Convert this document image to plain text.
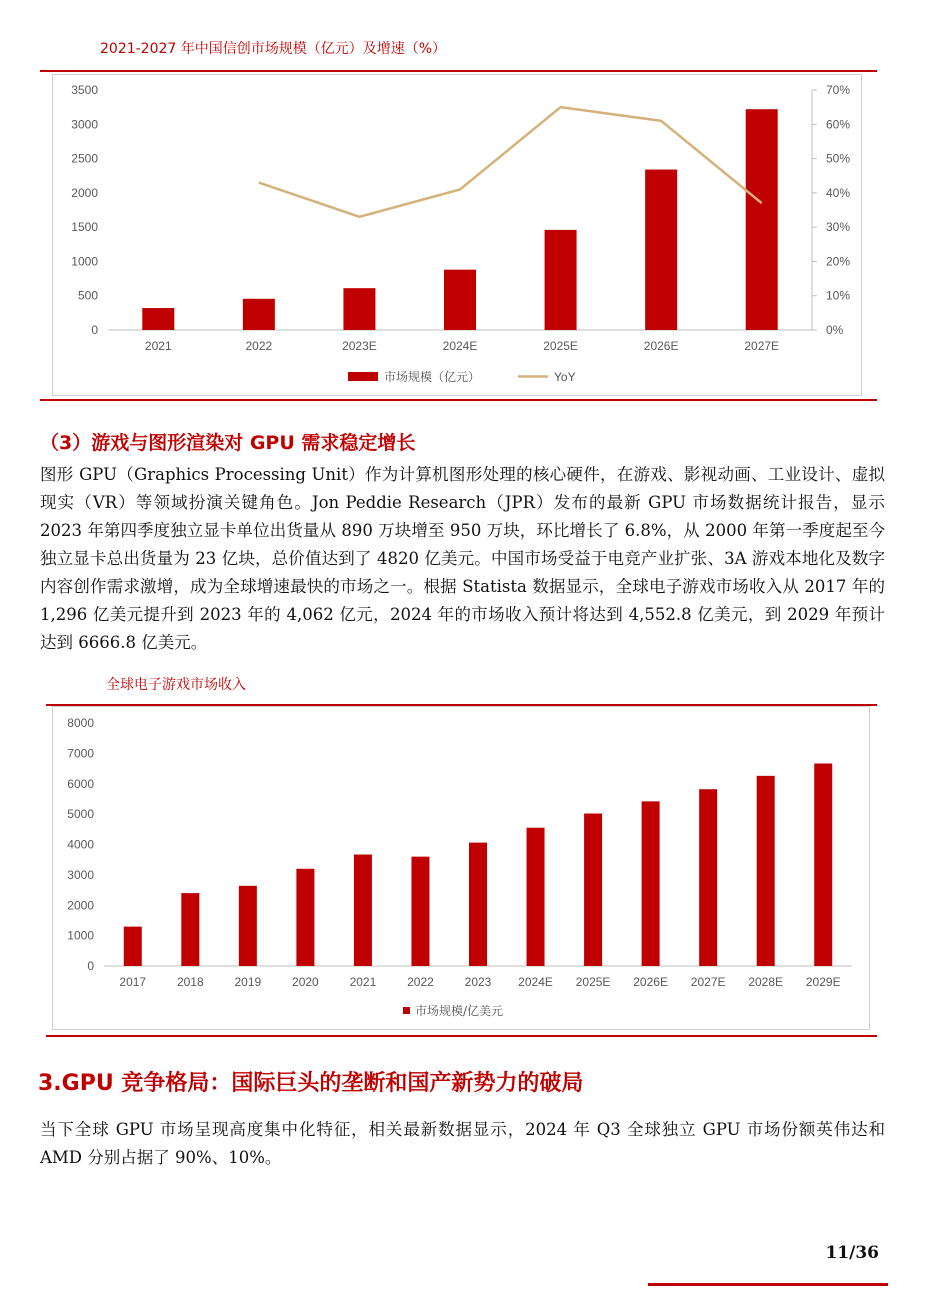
2021-2027 年中国信创市场规模（亿元）及增速（%）
0
500
1000
1500
2000
2500
3000
3500
0%
10%
20%
30%
40%
50%
60%
70%
2021	2022	2023E	2024E	2025E	2026E	2027E
市场规模（亿元）	YoY
（3）游戏与图形渲染对 GPU 需求稳定增长
图形 GPU（Graphics Processing Unit）作为计算机图形处理的核心硬件，在游戏、影视动画、工业设计、虚拟现实（VR）等领域扮演关键角色。Jon Peddie Research（JPR）发布的最新 GPU 市场数据统计报告，显示 2023 年第四季度独立显卡单位出货量从 890 万块增至 950 万块，环比增长了 6.8%，从 2000 年第一季度起至今独立显卡总出货量为 23 亿块，总价值达到了 4820 亿美元。中国市场受益于电竞产业扩张、3A 游戏本地化及数字内容创作需求激增，成为全球增速最快的市场之一。根据 Statista 数据显示，全球电子游戏市场收入从 2017 年的 1,296 亿美元提升到 2023 年的 4,062 亿元，2024 年的市场收入预计将达到 4,552.8 亿美元，到 2029 年预计达到 6666.8 亿美元。
全球电子游戏市场收入
0
1000
2000
3000
4000
5000
6000
7000
8000
2017	2018	2019	2020	2021	2022	2023 2024E 2025E 2026E 2027E 2028E 2029E
市场规模/亿美元
3.GPU 竞争格局：国际巨头的垄断和国产新势力的破局
当下全球 GPU 市场呈现高度集中化特征，相关最新数据显示，2024 年 Q3 全球独立 GPU 市场份额英伟达和 AMD 分别占据了 90%、10%。
11/36
